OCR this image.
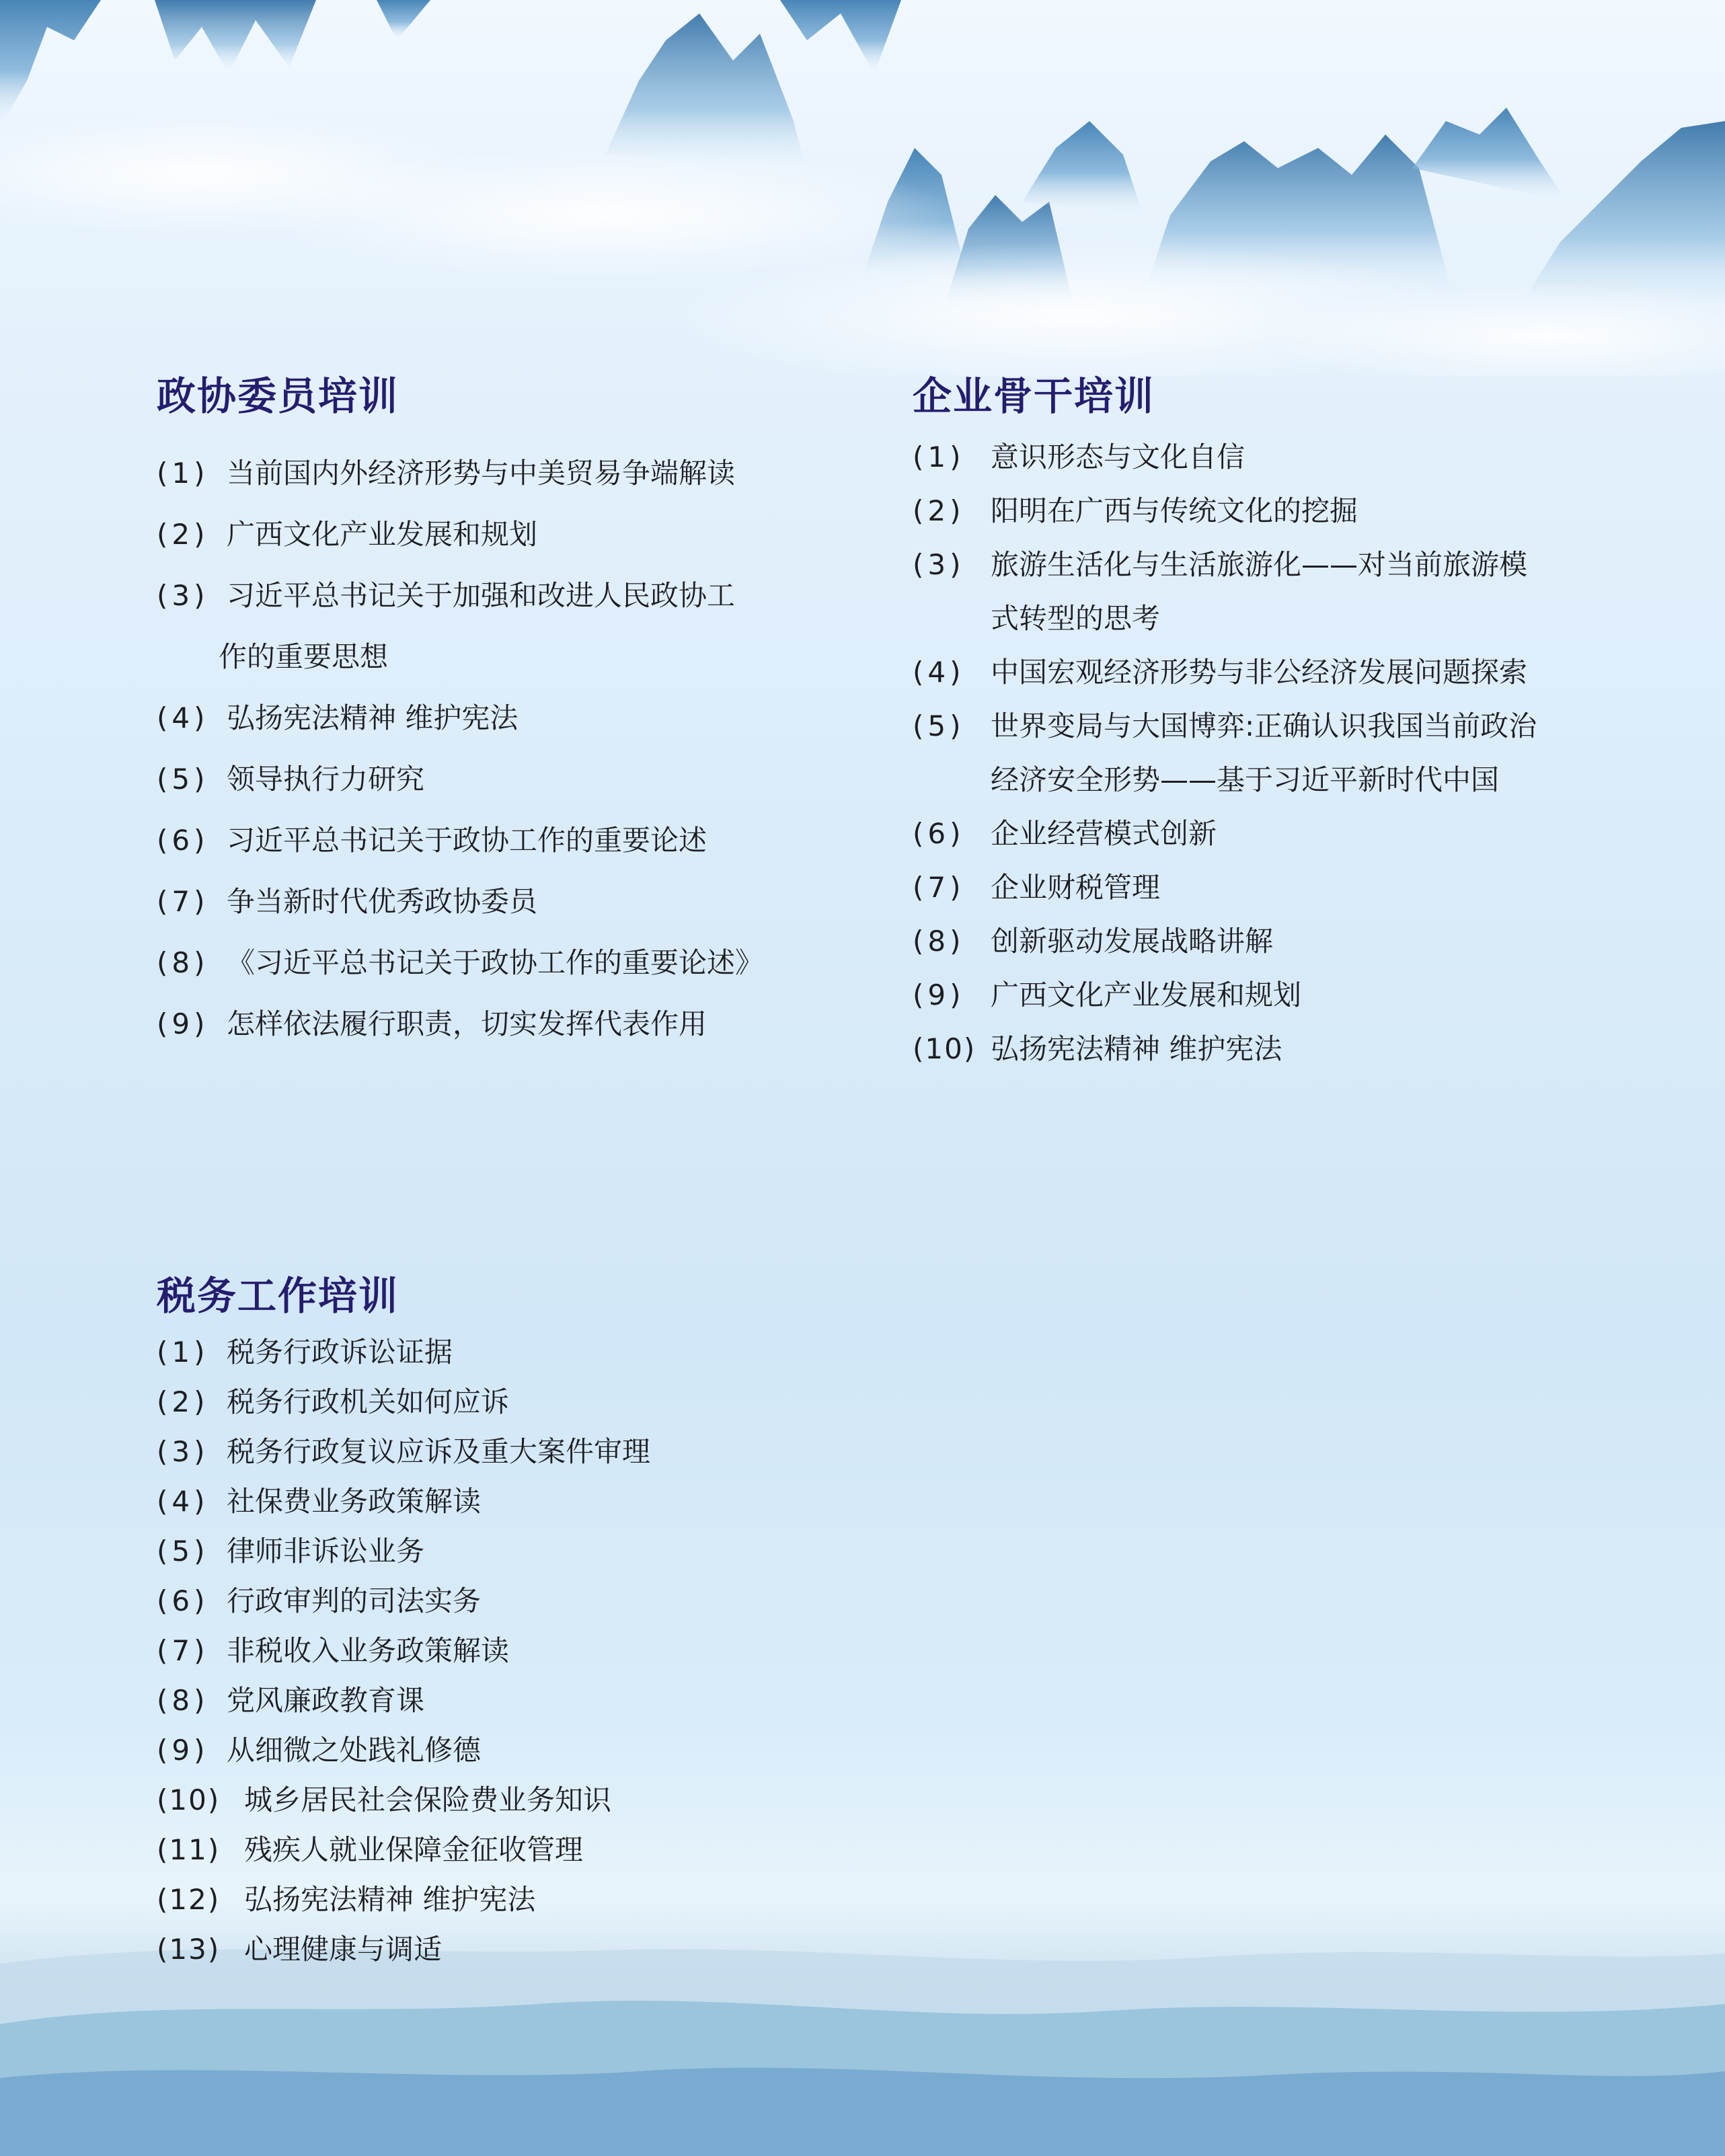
政协委员培训
(1) 当前国内外经济形势与中美贸易争端解读
(2) 广西文化产业发展和规划
(3) 习近平总书记关于加强和改进人民政协工
作的重要思想
(4) 弘扬宪法精神 维护宪法
(5) 领导执行力研究
(6) 习近平总书记关于政协工作的重要论述
(7) 争当新时代优秀政协委员
(8) 《习近平总书记关于政协工作的重要论述》
(9) 怎样依法履行职责，切实发挥代表作用
企业骨干培训
(1) 意识形态与文化自信
(2) 阳明在广西与传统文化的挖掘
(3) 旅游生活化与生活旅游化——对当前旅游模
式转型的思考
(4) 中国宏观经济形势与非公经济发展问题探索
(5) 世界变局与大国博弈:正确认识我国当前政治
经济安全形势——基于习近平新时代中国
(6) 企业经营模式创新
(7) 企业财税管理
(8) 创新驱动发展战略讲解
(9) 广西文化产业发展和规划
(10) 弘扬宪法精神 维护宪法
税务工作培训
(1) 税务行政诉讼证据
(2) 税务行政机关如何应诉
(3) 税务行政复议应诉及重大案件审理
(4) 社保费业务政策解读
(5) 律师非诉讼业务
(6) 行政审判的司法实务
(7) 非税收入业务政策解读
(8) 党风廉政教育课
(9) 从细微之处践礼修德
(10) 城乡居民社会保险费业务知识
(11) 残疾人就业保障金征收管理
(12) 弘扬宪法精神 维护宪法
(13) 心理健康与调适
